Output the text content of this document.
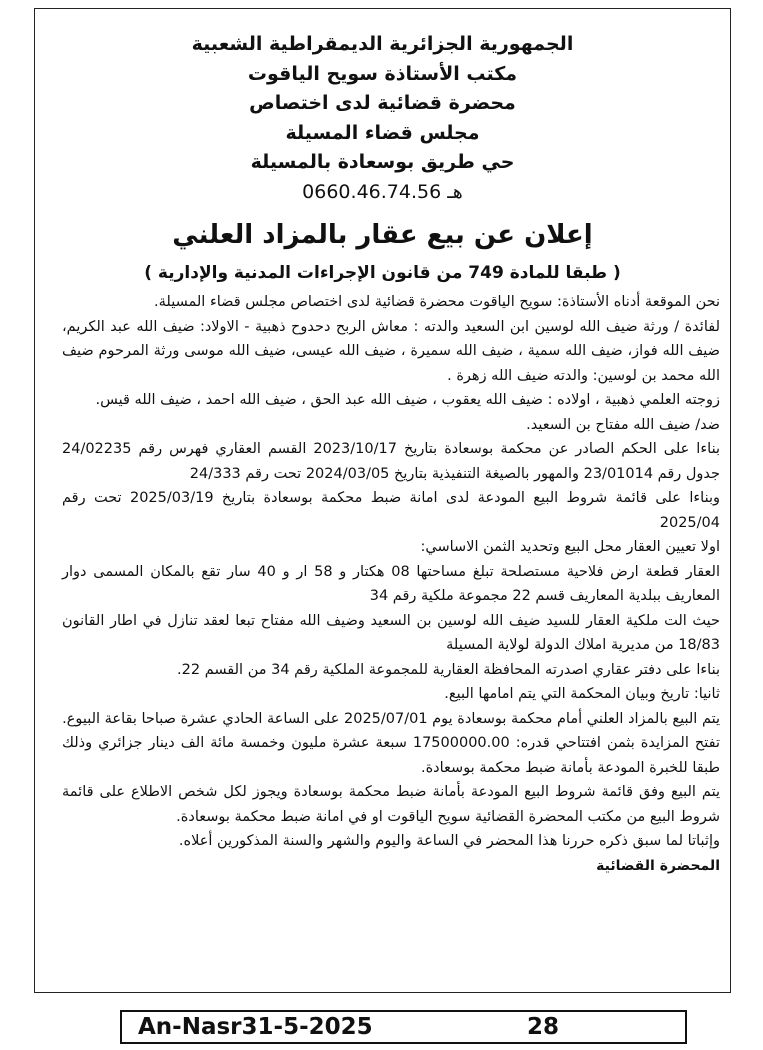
الجمهورية الجزائرية الديمقراطية الشعبية
مكتب الأستاذة سويح الياقوت
محضرة قضائية لدى اختصاص
مجلس قضاء المسيلة
حي طريق بوسعادة بالمسيلة
0660.46.74.56 هـ
إعلان عن بيع عقار بالمزاد العلني
( طبقا للمادة 749 من قانون الإجراءات المدنية والإدارية )

نحن الموقعة أدناه الأستاذة: سويح الياقوت محضرة قضائية لدى اختصاص مجلس قضاء المسيلة.

لفائدة / ورثة ضيف الله لوسين ابن السعيد والدته : معاش الربح دحدوح ذهبية - الاولاد: ضيف الله عبد الكريم، ضيف الله فواز، ضيف الله سمية ، ضيف الله سميرة ، ضيف الله عيسى، ضيف الله موسى ورثة المرحوم ضيف الله محمد بن لوسين: والدته ضيف الله زهرة .

زوجته العلمي ذهبية ، اولاده : ضيف الله يعقوب ، ضيف الله عبد الحق ، ضيف الله احمد ، ضيف الله قيس.

ضد/ ضيف الله مفتاح بن السعيد.

بناءا على الحكم الصادر عن محكمة بوسعادة بتاريخ 2023/10/17 القسم العقاري فهرس رقم 24/02235 جدول رقم 23/01014 والمهور بالصيغة التنفيذية بتاريخ 2024/03/05 تحت رقم 24/333

وبناءا على قائمة شروط البيع المودعة لدى امانة ضبط محكمة بوسعادة بتاريخ 2025/03/19 تحت رقم 2025/04

اولا تعيين العقار محل البيع وتحديد الثمن الاساسي:

العقار قطعة ارض فلاحية مستصلحة تبلغ مساحتها 08 هكتار و 58 ار و 40 سار تقع بالمكان المسمى دوار المعاريف ببلدية المعاريف قسم 22 مجموعة ملكية رقم 34

حيث الت ملكية العقار للسيد ضيف الله لوسين بن السعيد وضيف الله مفتاح تبعا لعقد تنازل في اطار القانون 18/83 من مديرية املاك الدولة لولاية المسيلة

بناءا على دفتر عقاري اصدرته المحافظة العقارية للمجموعة الملكية رقم 34 من القسم 22.

ثانيا: تاريخ وبيان المحكمة التي يتم امامها البيع.

يتم البيع بالمزاد العلني أمام محكمة بوسعادة يوم 2025/07/01 على الساعة الحادي عشرة صباحا بقاعة البيوع.

تفتح المزايدة بثمن افتتاحي قدره: 17500000.00 سبعة عشرة مليون وخمسة مائة الف دينار جزائري وذلك طبقا للخبرة المودعة بأمانة ضبط محكمة بوسعادة.

يتم البيع وفق قائمة شروط البيع المودعة بأمانة ضبط محكمة بوسعادة ويجوز لكل شخص الاطلاع على قائمة شروط البيع من مكتب المحضرة القضائية سويح الياقوت او في امانة ضبط محكمة بوسعادة.

وإثباتا لما سبق ذكره حررنا هذا المحضر في الساعة واليوم والشهر والسنة المذكورين أعلاه.

المحضرة القضائية

An-Nasr31-5-2025	28
